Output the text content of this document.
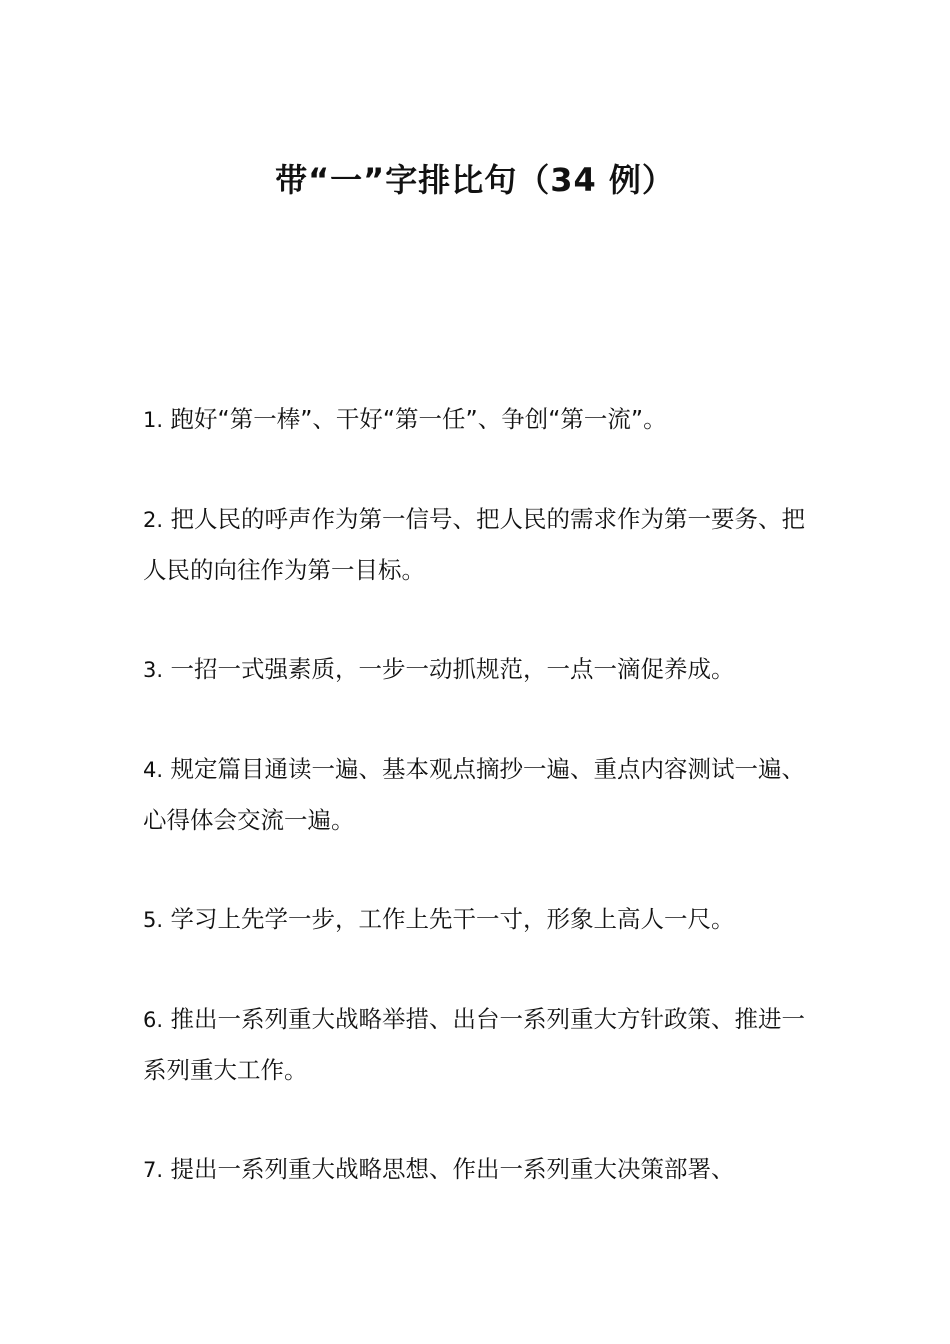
带“一”字排比句（34 例）
1. 跑好“第一棒”、干好“第一任”、争创“第一流”。
2. 把人民的呼声作为第一信号、把人民的需求作为第一要务、把人民的向往作为第一目标。
3. 一招一式强素质，一步一动抓规范，一点一滴促养成。
4. 规定篇目通读一遍、基本观点摘抄一遍、重点内容测试一遍、心得体会交流一遍。
5. 学习上先学一步，工作上先干一寸，形象上高人一尺。
6. 推出一系列重大战略举措、出台一系列重大方针政策、推进一系列重大工作。
7. 提出一系列重大战略思想、作出一系列重大决策部署、
